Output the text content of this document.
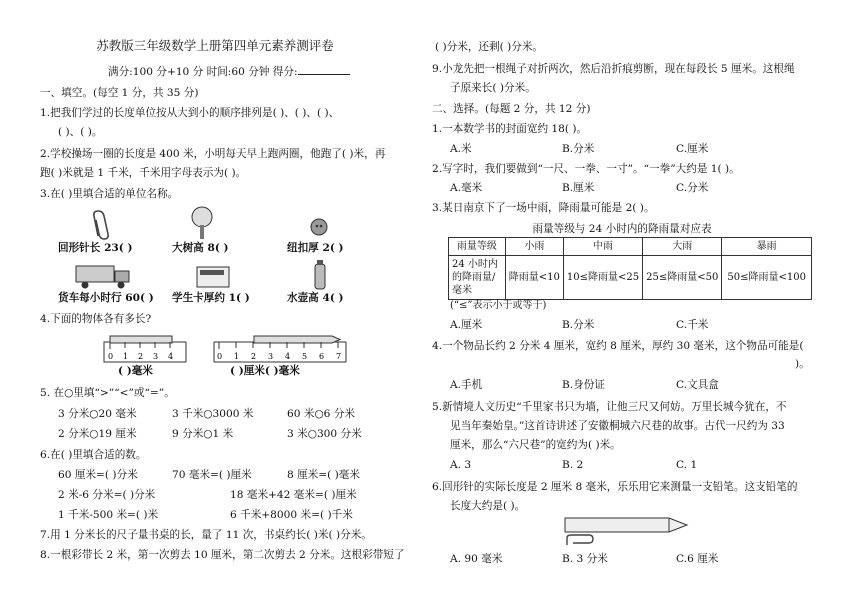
苏教版三年级数学上册第四单元素养测评卷
满分:100 分+10 分 时间:60 分钟 得分:
一、填空。(每空 1 分，共 35 分)
1.把我们学过的长度单位按从大到小的顺序排列是( )、( )、( )、
( )、( )。
2.学校操场一圈的长度是 400 米，小明每天早上跑两圈，他跑了( )米，再
跑( )米就是 1 千米，千米用字母表示为( )。
3.在( )里填合适的单位名称。
回形针长 23( )	大树高 8( )	纽扣厚 2( )
货车每小时行 60( ) 学生卡厚约 1( )	水壶高 4( )
4.下面的物体各有多长?
0 1 2 3 4
( )毫米
0 1 2 3 4 5 6 7
( )厘米( )毫米
5. 在○里填“>”“<”或“=”。
3 分米○20 毫米	3 千米○3000 米	60 米○6 分米
2 分米○19 厘米	9 分米○1 米	3 米○300 分米
6.在( )里填合适的数。
60 厘米=( )分米	70 毫米=( )厘米	8 厘米=( )毫米
2 米-6 分米=( )分米	18 毫米+42 毫米=( )厘米
1 千米-500 米=( )米	6 千米+8000 米=( )千米
7.用 1 分米长的尺子量书桌的长，量了 11 次，书桌约长( )米( )分米。
8.一根彩带长 2 米，第一次剪去 10 厘米，第二次剪去 2 分米。这根彩带短了
( )分米，还剩( )分米。
9.小龙先把一根绳子对折两次，然后沿折痕剪断，现在每段长 5 厘米。这根绳
子原来长( )分米。
二、选择。(每题 2 分，共 12 分)
1.一本数学书的封面宽约 18( )。
A.米	B.分米	C.厘米
2.写字时，我们要做到“一尺、一拳、一寸”。“一拳”大约是 1( )。
A.毫米	B.厘米	C.分米
3.某日南京下了一场中雨，降雨量可能是 2( )。
雨量等级与 24 小时内的降雨量对应表
雨量等级	小雨	中雨	大雨	暴雨
24 小时内的降雨量/毫米	降雨量<10	10≤降雨量<25	25≤降雨量<50	50≤降雨量<100
(“≤”表示小于或等于)
A.厘米	B.分米	C.千米
4.一个物品长约 2 分米 4 厘米，宽约 8 厘米，厚约 30 毫米，这个物品可能是(
)。
A.手机	B.身份证	C.文具盒
5.新情境人文历史“千里家书只为墙，让他三尺又何妨。万里长城今犹在，不
见当年秦始皇。”这首诗讲述了安徽桐城六尺巷的故事。古代一尺约为 33
厘米，那么“六尺巷”的宽约为( )米。
A. 3	B. 2	C. 1
6.回形针的实际长度是 2 厘米 8 毫米，乐乐用它来测量一支铅笔。这支铅笔的
长度大约是( )。
A. 90 毫米	B. 3 分米	C.6 厘米
